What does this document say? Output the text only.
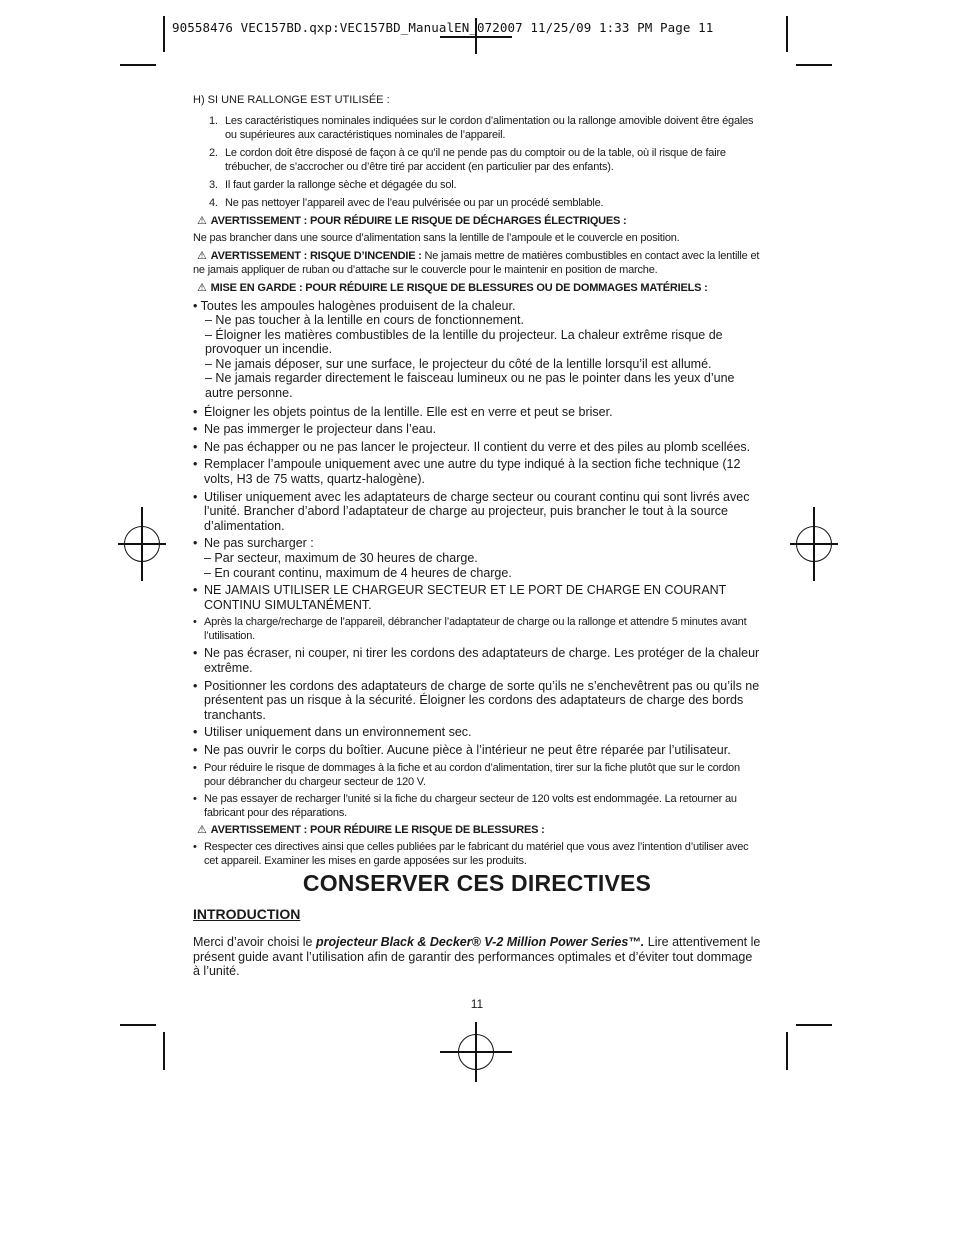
90558476 VEC157BD.qxp:VEC157BD_ManualEN_072007 11/25/09 1:33 PM Page 11

H) SI UNE RALLONGE EST UTILISÉE :

1. Les caractéristiques nominales indiquées sur le cordon d’alimentation ou la rallonge amovible doivent être égales ou supérieures aux caractéristiques nominales de l’appareil.
2. Le cordon doit être disposé de façon à ce qu’il ne pende pas du comptoir ou de la table, où il risque de faire trébucher, de s’accrocher ou d’être tiré par accident (en particulier par des enfants).
3. Il faut garder la rallonge sèche et dégagée du sol.
4. Ne pas nettoyer l’appareil avec de l’eau pulvérisée ou par un procédé semblable.

⚠ AVERTISSEMENT : POUR RÉDUIRE LE RISQUE DE DÉCHARGES ÉLECTRIQUES :

Ne pas brancher dans une source d’alimentation sans la lentille de l’ampoule et le couvercle en position.

⚠ AVERTISSEMENT : RISQUE D’INCENDIE : Ne jamais mettre de matières combustibles en contact avec la lentille et ne jamais appliquer de ruban ou d’attache sur le couvercle pour le maintenir en position de marche.

⚠ MISE EN GARDE : POUR RÉDUIRE LE RISQUE DE BLESSURES OU DE DOMMAGES MATÉRIELS :

• Toutes les ampoules halogènes produisent de la chaleur.

– Ne pas toucher à la lentille en cours de fonctionnement.

– Éloigner les matières combustibles de la lentille du projecteur. La chaleur extrême risque de provoquer un incendie.

– Ne jamais déposer, sur une surface, le projecteur du côté de la lentille lorsqu’il est allumé.

– Ne jamais regarder directement le faisceau lumineux ou ne pas le pointer dans les yeux d’une autre personne.

• Éloigner les objets pointus de la lentille. Elle est en verre et peut se briser.
• Ne pas immerger le projecteur dans l’eau.
• Ne pas échapper ou ne pas lancer le projecteur. Il contient du verre et des piles au plomb scellées.
• Remplacer l’ampoule uniquement avec une autre du type indiqué à la section fiche technique (12 volts, H3 de 75 watts, quartz-halogène).
• Utiliser uniquement avec les adaptateurs de charge secteur ou courant continu qui sont livrés avec l’unité. Brancher d’abord l’adaptateur de charge au projecteur, puis brancher le tout à la source d’alimentation.
• Ne pas surcharger :
– Par secteur, maximum de 30 heures de charge.
– En courant continu, maximum de 4 heures de charge.
• NE JAMAIS UTILISER LE CHARGEUR SECTEUR ET LE PORT DE CHARGE EN COURANT CONTINU SIMULTANÉMENT.
• Après la charge/recharge de l’appareil, débrancher l’adaptateur de charge ou la rallonge et attendre 5 minutes avant l’utilisation.
• Ne pas écraser, ni couper, ni tirer les cordons des adaptateurs de charge. Les protéger de la chaleur extrême.
• Positionner les cordons des adaptateurs de charge de sorte qu’ils ne s’enchevêtrent pas ou qu’ils ne présentent pas un risque à la sécurité. Éloigner les cordons des adaptateurs de charge des bords tranchants.
• Utiliser uniquement dans un environnement sec.
• Ne pas ouvrir le corps du boîtier. Aucune pièce à l’intérieur ne peut être réparée par l’utilisateur.
• Pour réduire le risque de dommages à la fiche et au cordon d’alimentation, tirer sur la fiche plutôt que sur le cordon pour débrancher du chargeur secteur de 120 V.
• Ne pas essayer de recharger l’unité si la fiche du chargeur secteur de 120 volts est endommagée. La retourner au fabricant pour des réparations.

⚠ AVERTISSEMENT : POUR RÉDUIRE LE RISQUE DE BLESSURES :

• Respecter ces directives ainsi que celles publiées par le fabricant du matériel que vous avez l’intention d’utiliser avec cet appareil. Examiner les mises en garde apposées sur les produits.

CONSERVER CES DIRECTIVES

INTRODUCTION

Merci d’avoir choisi le projecteur Black & Decker® V-2 Million Power Series™. Lire attentivement le présent guide avant l’utilisation afin de garantir des performances optimales et d’éviter tout dommage à l’unité.

11
